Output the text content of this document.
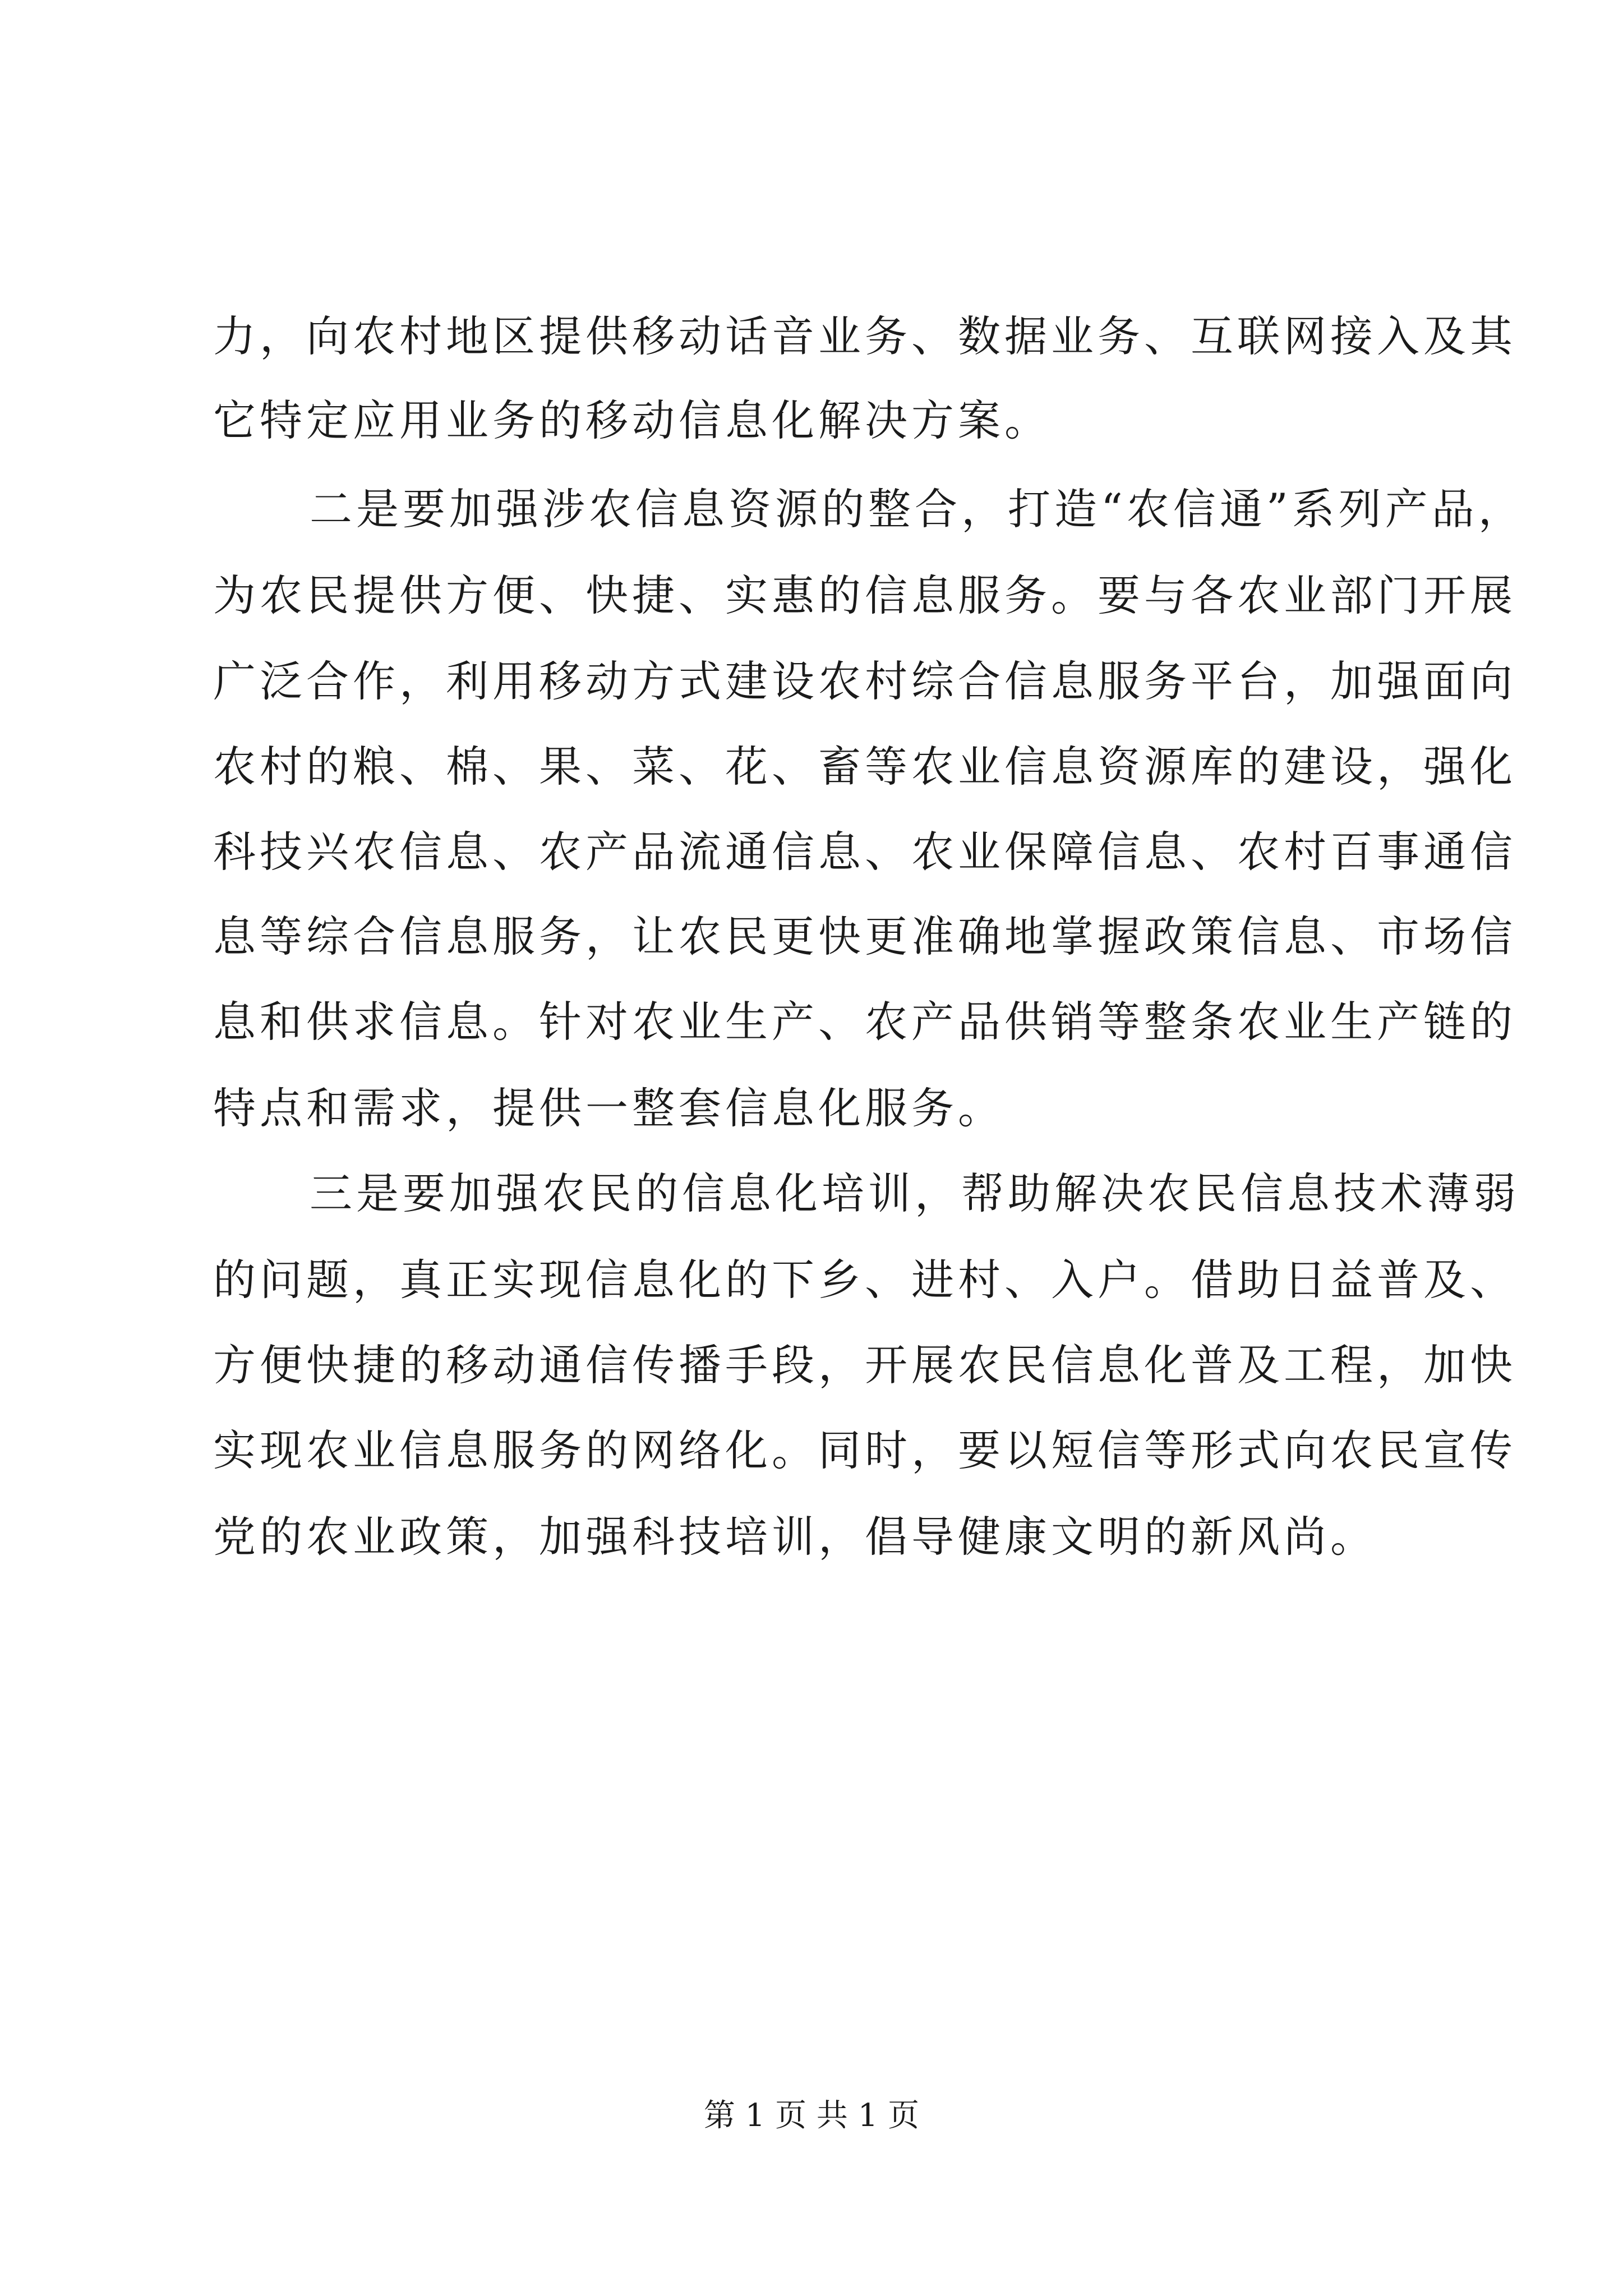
力，向农村地区提供移动话音业务、数据业务、互联网接入及其
它特定应用业务的移动信息化解决方案。
二是要加强涉农信息资源的整合，打造“农信通”系列产品，
为农民提供方便、快捷、实惠的信息服务。要与各农业部门开展
广泛合作，利用移动方式建设农村综合信息服务平台，加强面向
农村的粮、棉、果、菜、花、畜等农业信息资源库的建设，强化
科技兴农信息、农产品流通信息、农业保障信息、农村百事通信
息等综合信息服务，让农民更快更准确地掌握政策信息、市场信
息和供求信息。针对农业生产、农产品供销等整条农业生产链的
特点和需求，提供一整套信息化服务。
三是要加强农民的信息化培训，帮助解决农民信息技术薄弱
的问题，真正实现信息化的下乡、进村、入户。借助日益普及、
方便快捷的移动通信传播手段，开展农民信息化普及工程，加快
实现农业信息服务的网络化。同时，要以短信等形式向农民宣传
党的农业政策，加强科技培训，倡导健康文明的新风尚。
第 1 页 共 1 页
